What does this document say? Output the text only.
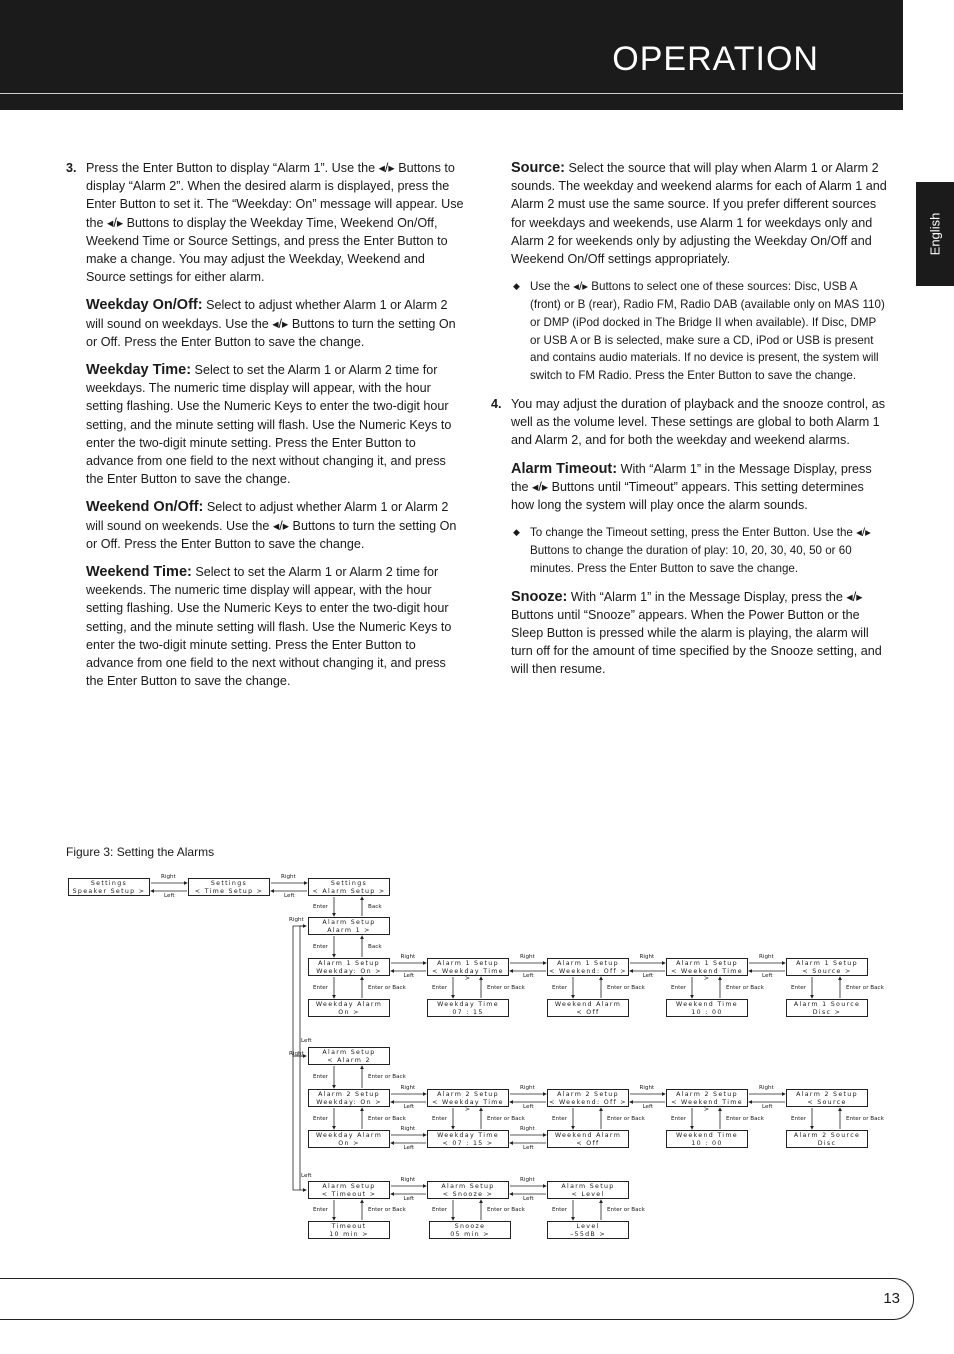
OPERATION
English

3. Press the Enter Button to display “Alarm 1”. Use the ◂/▸ Buttons to display “Alarm 2”. When the desired alarm is displayed, press the Enter Button to set it. The “Weekday: On” message will appear. Use the ◂/▸ Buttons to display the Weekday Time, Weekend On/Off, Weekend Time or Source Settings, and press the Enter Button to make a change. You may adjust the Weekday, Weekend and Source settings for either alarm.

Weekday On/Off: Select to adjust whether Alarm 1 or Alarm 2 will sound on weekdays. Use the ◂/▸ Buttons to turn the setting On or Off. Press the Enter Button to save the change.

Weekday Time: Select to set the Alarm 1 or Alarm 2 time for weekdays. The numeric time display will appear, with the hour setting flashing. Use the Numeric Keys to enter the two-digit hour setting, and the minute setting will flash. Use the Numeric Keys to enter the two-digit minute setting. Press the Enter Button to advance from one field to the next without changing it, and press the Enter Button to save the change.

Weekend On/Off: Select to adjust whether Alarm 1 or Alarm 2 will sound on weekends. Use the ◂/▸ Buttons to turn the setting On or Off. Press the Enter Button to save the change.

Weekend Time: Select to set the Alarm 1 or Alarm 2 time for weekends. The numeric time display will appear, with the hour setting flashing. Use the Numeric Keys to enter the two-digit hour setting, and the minute setting will flash. Use the Numeric Keys to enter the two-digit minute setting. Press the Enter Button to advance from one field to the next without changing it, and press the Enter Button to save the change.

Source: Select the source that will play when Alarm 1 or Alarm 2 sounds. The weekday and weekend alarms for each of Alarm 1 and Alarm 2 must use the same source. If you prefer different sources for weekdays and weekends, use Alarm 1 for weekdays only and Alarm 2 for weekends only by adjusting the Weekday On/Off and Weekend On/Off settings appropriately.

◆ Use the ◂/▸ Buttons to select one of these sources: Disc, USB A (front) or B (rear), Radio FM, Radio DAB (available only on MAS 110) or DMP (iPod docked in The Bridge II when available). If Disc, DMP or USB A or B is selected, make sure a CD, iPod or USB is present and contains audio materials. If no device is present, the system will switch to FM Radio. Press the Enter Button to save the change.

4. You may adjust the duration of playback and the snooze control, as well as the volume level. These settings are global to both Alarm 1 and Alarm 2, and for both the weekday and weekend alarms.

Alarm Timeout: With “Alarm 1” in the Message Display, press the ◂/▸ Buttons until “Timeout” appears. This setting determines how long the system will play once the alarm sounds.

◆ To change the Timeout setting, press the Enter Button. Use the ◂/▸ Buttons to change the duration of play: 10, 20, 30, 40, 50 or 60 minutes. Press the Enter Button to save the change.

Snooze: With “Alarm 1” in the Message Display, press the ◂/▸ Buttons until “Snooze” appears. When the Power Button or the Sleep Button is pressed while the alarm is playing, the alarm will turn off for the amount of time specified by the Snooze setting, and will then resume.

Figure 3: Setting the Alarms
Settings
Speaker Setup >
Settings
< Time Setup >
Settings
< Alarm Setup >
Alarm Setup
Alarm 1 >
Alarm 1 Setup
Weekday: On >
Alarm 1 Setup
< Weekday Time >
Alarm 1 Setup
< Weekend: Off >
Alarm 1 Setup
< Weekend Time >
Alarm 1 Setup
< Source >
Weekday Alarm
On >
Weekday Time
07 : 15
Weekend Alarm
< Off
Weekend Time
10 : 00
Alarm 1 Source
Disc >
Alarm Setup
< Alarm 2
Alarm 2 Setup
Weekday: On >
Alarm 2 Setup
< Weekday Time >
Alarm 2 Setup
< Weekend: Off >
Alarm 2 Setup
< Weekend Time >
Alarm 2 Setup
< Source
Weekday Alarm
On >
Weekday Time
< 07 : 15 >
Weekend Alarm
< Off
Weekend Time
10 : 00
Alarm 2 Source
Disc
Alarm Setup
< Timeout >
Alarm Setup
< Snooze >
Alarm Setup
< Level
Timeout
10 min >
Snooze
05 min >
Level
–55dB >
Right
Left
Right
Left
Enter	Back
Enter	Back
Right
Left
Right
Left
Right
Left
Right
Left
Enter	Enter or Back	Enter	Enter or Back	Enter	Enter or Back	Enter	Enter or Back	Enter	Enter or Back
Enter	Enter or Back
Right
Left
Right
Left
Right
Left
Right
Left
Enter	Enter or Back	Enter	Enter or Back	Enter	Enter or Back	Enter	Enter or Back	Enter	Enter or Back
Right
Left
Right
Left
Right
Left
Right
Left
Enter	Enter or Back	Enter	Enter or Back	Enter	Enter or Back
Right
Left
Right
Left
13
